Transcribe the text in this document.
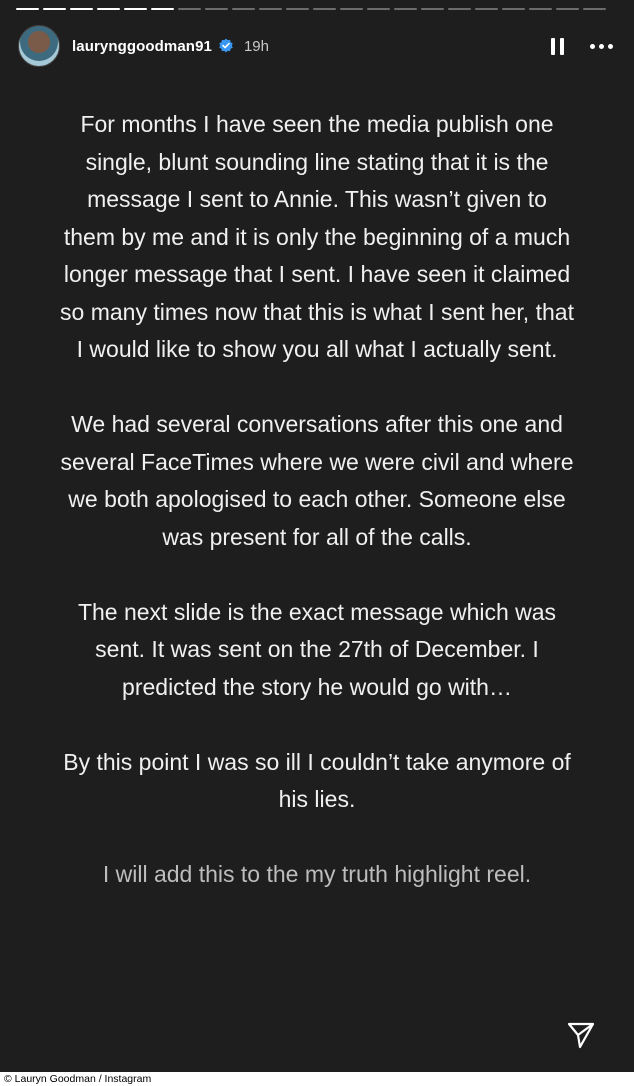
laurynggoodman91 19h

For months I have seen the media publish one single, blunt sounding line stating that it is the message I sent to Annie. This wasn’t given to them by me and it is only the beginning of a much longer message that I sent. I have seen it claimed so many times now that this is what I sent her, that I would like to show you all what I actually sent.

We had several conversations after this one and several FaceTimes where we were civil and where we both apologised to each other. Someone else was present for all of the calls.

The next slide is the exact message which was sent. It was sent on the 27th of December. I predicted the story he would go with…

By this point I was so ill I couldn’t take anymore of his lies.

I will add this to the my truth highlight reel.

© Lauryn Goodman / Instagram
